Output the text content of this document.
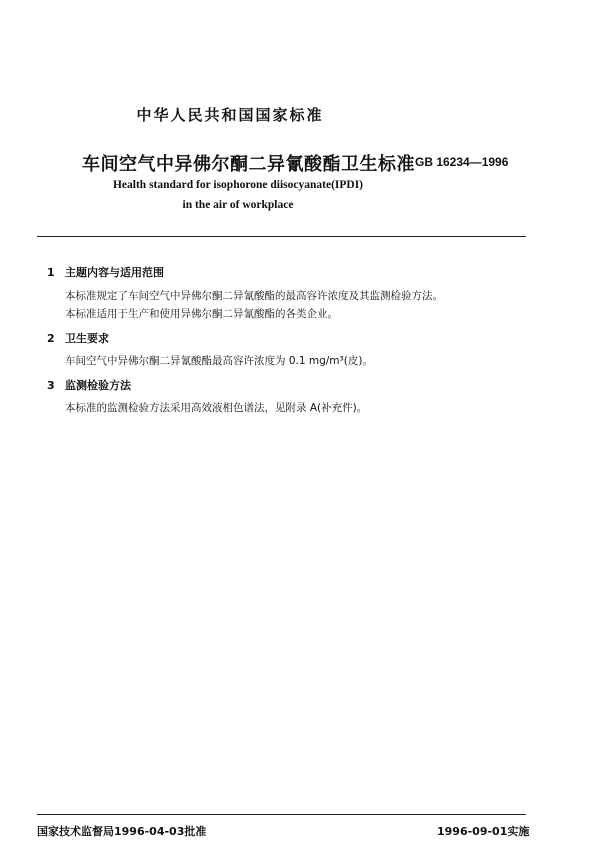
中华人民共和国国家标准
车间空气中异佛尔酮二异氰酸酯卫生标准 GB 16234—1996
Health standard for isophorone diisocyanate(IPDI)
in the air of workplace
1 主题内容与适用范围
本标准规定了车间空气中异佛尔酮二异氰酸酯的最高容许浓度及其监测检验方法。
本标准适用于生产和使用异佛尔酮二异氰酸酯的各类企业。
2 卫生要求
车间空气中异佛尔酮二异氰酸酯最高容许浓度为 0.1 mg/m³(皮)。
3 监测检验方法
本标准的监测检验方法采用高效液相色谱法，见附录 A(补充件)。
国家技术监督局1996-04-03批准	1996-09-01实施
